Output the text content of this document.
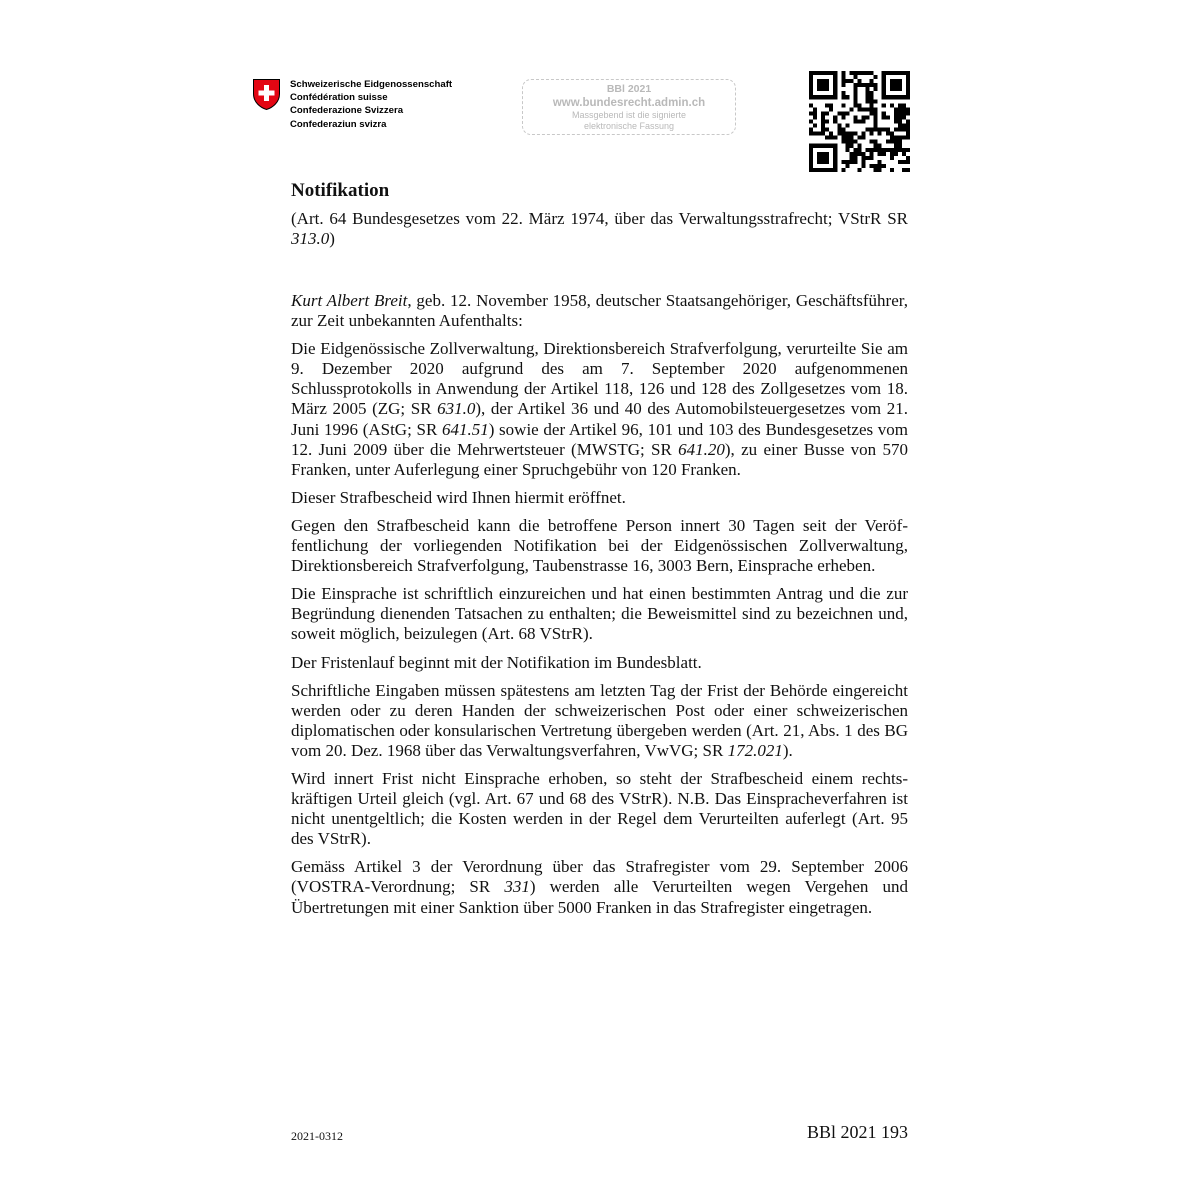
Schweizerische Eidgenossenschaft
Confédération suisse
Confederazione Svizzera
Confederaziun svizra
BBl 2021
www.bundesrecht.admin.ch
Massgebend ist die signierte
elektronische Fassung
Notifikation

(Art. 64 Bundesgesetzes vom 22. März 1974, über das Verwaltungsstrafrecht; VStrR SR 313.0)

Kurt Albert Breit, geb. 12. November 1958, deutscher Staatsangehöriger, Geschäftsführer, zur Zeit unbekannten Aufenthalts:

Die Eidgenössische Zollverwaltung, Direktionsbereich Strafverfolgung, verurteilte Sie am 9. Dezember 2020 aufgrund des am 7. September 2020 aufgenommenen Schlussprotokolls in Anwendung der Artikel 118, 126 und 128 des Zollgesetzes vom 18. März 2005 (ZG; SR 631.0), der Artikel 36 und 40 des Automobilsteuergesetzes vom 21. Juni 1996 (AStG; SR 641.51) sowie der Artikel 96, 101 und 103 des Bundesgesetzes vom 12. Juni 2009 über die Mehrwertsteuer (MWSTG; SR 641.20), zu einer Busse von 570 Franken, unter Auferlegung einer Spruchgebühr von 120 Franken.

Dieser Strafbescheid wird Ihnen hiermit eröffnet.

Gegen den Strafbescheid kann die betroffene Person innert 30 Tagen seit der Veröffentlichung der vorliegenden Notifikation bei der Eidgenössischen Zollverwaltung, Direktionsbereich Strafverfolgung, Taubenstrasse 16, 3003 Bern, Einsprache erheben.

Die Einsprache ist schriftlich einzureichen und hat einen bestimmten Antrag und die zur Begründung dienenden Tatsachen zu enthalten; die Beweismittel sind zu bezeichnen und, soweit möglich, beizulegen (Art. 68 VStrR).

Der Fristenlauf beginnt mit der Notifikation im Bundesblatt.

Schriftliche Eingaben müssen spätestens am letzten Tag der Frist der Behörde eingereicht werden oder zu deren Handen der schweizerischen Post oder einer schweizerischen diplomatischen oder konsularischen Vertretung übergeben werden (Art. 21, Abs. 1 des BG vom 20. Dez. 1968 über das Verwaltungsverfahren, VwVG; SR 172.021).

Wird innert Frist nicht Einsprache erhoben, so steht der Strafbescheid einem rechtskräftigen Urteil gleich (vgl. Art. 67 und 68 des VStrR). N.B. Das Einspracheverfahren ist nicht unentgeltlich; die Kosten werden in der Regel dem Verurteilten auferlegt (Art. 95 des VStrR).

Gemäss Artikel 3 der Verordnung über das Strafregister vom 29. September 2006 (VOSTRA-Verordnung; SR 331) werden alle Verurteilten wegen Vergehen und Übertretungen mit einer Sanktion über 5000 Franken in das Strafregister eingetragen.

2021-0312	BBl 2021 193
